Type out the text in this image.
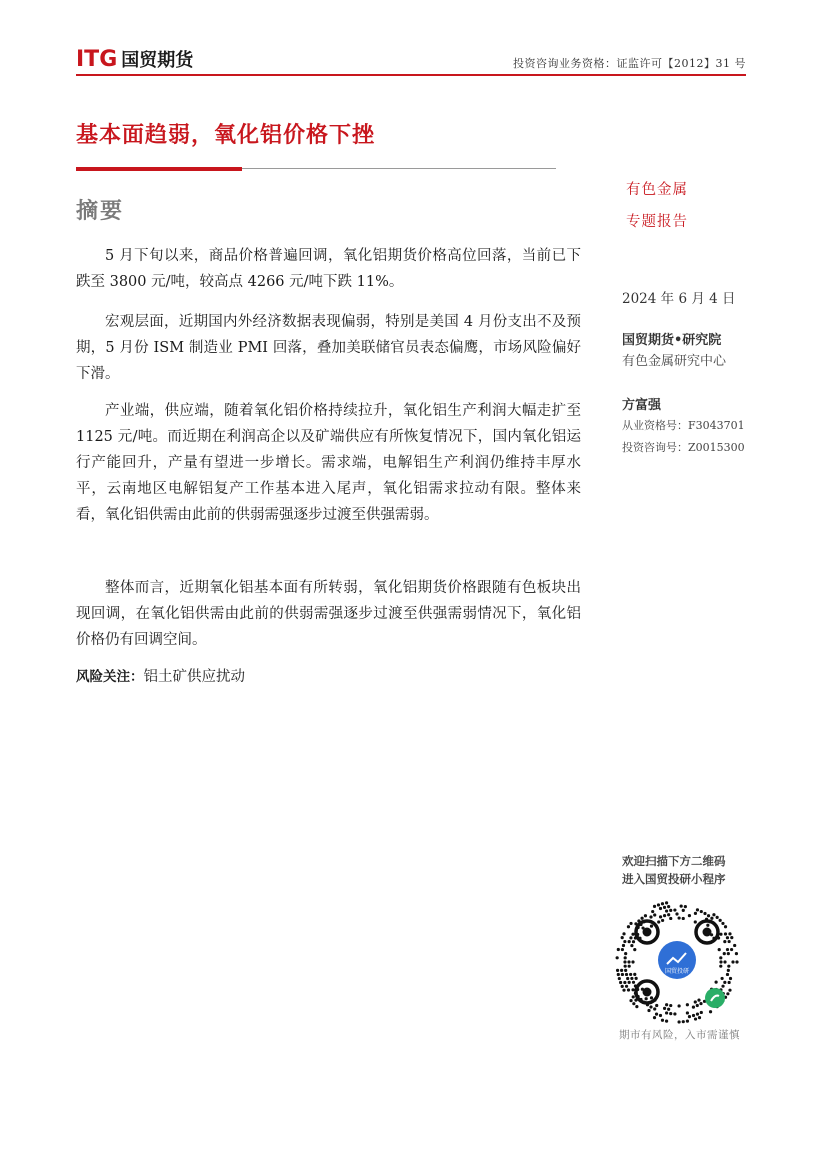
ITG 国贸期货	投资咨询业务资格：证监许可【2012】31 号
基本面趋弱，氧化铝价格下挫
摘要
5 月下旬以来，商品价格普遍回调，氧化铝期货价格高位回落，当前已下跌至 3800 元/吨，较高点 4266 元/吨下跌 11%。
宏观层面，近期国内外经济数据表现偏弱，特别是美国 4 月份支出不及预期，5 月份 ISM 制造业 PMI 回落，叠加美联储官员表态偏鹰，市场风险偏好下滑。
产业端，供应端，随着氧化铝价格持续拉升，氧化铝生产利润大幅走扩至 1125 元/吨。而近期在利润高企以及矿端供应有所恢复情况下，国内氧化铝运行产能回升，产量有望进一步增长。需求端，电解铝生产利润仍维持丰厚水平，云南地区电解铝复产工作基本进入尾声，氧化铝需求拉动有限。整体来看，氧化铝供需由此前的供弱需强逐步过渡至供强需弱。
整体而言，近期氧化铝基本面有所转弱，氧化铝期货价格跟随有色板块出现回调，在氧化铝供需由此前的供弱需强逐步过渡至供强需弱情况下，氧化铝价格仍有回调空间。
风险关注：铝土矿供应扰动
有色金属
专题报告
2024 年 6 月 4 日
国贸期货•研究院
有色金属研究中心
方富强
从业资格号：F3043701
投资咨询号：Z0015300
欢迎扫描下方二维码
进入国贸投研小程序
国贸投研
期市有风险，入市需谨慎
